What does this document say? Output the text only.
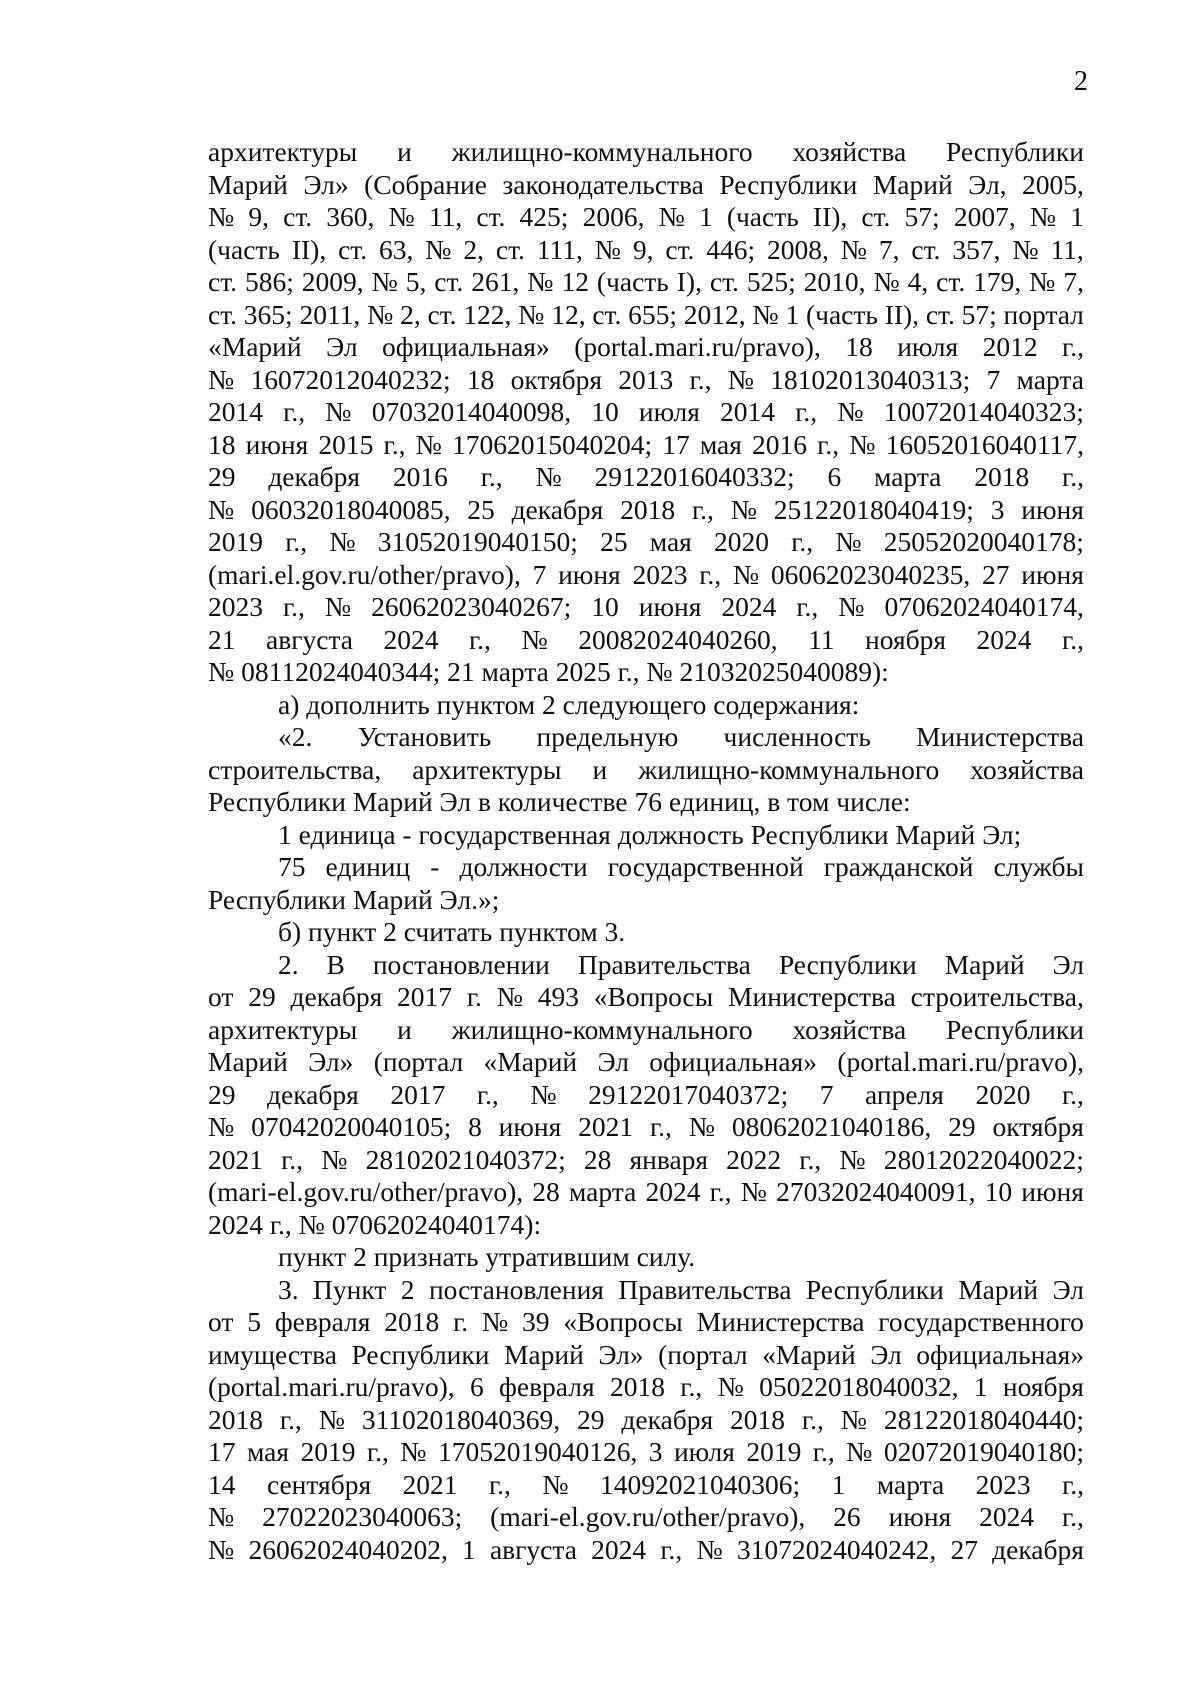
2
архитектуры и жилищно-коммунального хозяйства Республики
Марий Эл» (Собрание законодательства Республики Марий Эл, 2005,
№ 9, ст. 360, № 11, ст. 425; 2006, № 1 (часть II), ст. 57; 2007, № 1
(часть II), ст. 63, № 2, ст. 111, № 9, ст. 446; 2008, № 7, ст. 357, № 11,
ст. 586; 2009, № 5, ст. 261, № 12 (часть I), ст. 525; 2010, № 4, ст. 179, № 7,
ст. 365; 2011, № 2, ст. 122, № 12, ст. 655; 2012, № 1 (часть II), ст. 57; портал
«Марий Эл официальная» (portal.mari.ru/pravo), 18 июля 2012 г.,
№ 16072012040232; 18 октября 2013 г., № 18102013040313; 7 марта
2014 г., № 07032014040098, 10 июля 2014 г., № 10072014040323;
18 июня 2015 г., № 17062015040204; 17 мая 2016 г., № 16052016040117,
29 декабря 2016 г., № 29122016040332; 6 марта 2018 г.,
№ 06032018040085, 25 декабря 2018 г., № 25122018040419; 3 июня
2019 г., № 31052019040150; 25 мая 2020 г., № 25052020040178;
(mari.el.gov.ru/other/pravo), 7 июня 2023 г., № 06062023040235, 27 июня
2023 г., № 26062023040267; 10 июня 2024 г., № 07062024040174,
21 августа 2024 г., № 20082024040260, 11 ноября 2024 г.,
№ 08112024040344; 21 марта 2025 г., № 21032025040089):
а) дополнить пунктом 2 следующего содержания:
«2. Установить предельную численность Министерства
строительства, архитектуры и жилищно-коммунального хозяйства
Республики Марий Эл в количестве 76 единиц, в том числе:
1 единица - государственная должность Республики Марий Эл;
75 единиц - должности государственной гражданской службы
Республики Марий Эл.»;
б) пункт 2 считать пунктом 3.
2. В постановлении Правительства Республики Марий Эл
от 29 декабря 2017 г. № 493 «Вопросы Министерства строительства,
архитектуры и жилищно-коммунального хозяйства Республики
Марий Эл» (портал «Марий Эл официальная» (portal.mari.ru/pravo),
29 декабря 2017 г., № 29122017040372; 7 апреля 2020 г.,
№ 07042020040105; 8 июня 2021 г., № 08062021040186, 29 октября
2021 г., № 28102021040372; 28 января 2022 г., № 28012022040022;
(mari-el.gov.ru/other/pravo), 28 марта 2024 г., № 27032024040091, 10 июня
2024 г., № 07062024040174):
пункт 2 признать утратившим силу.
3. Пункт 2 постановления Правительства Республики Марий Эл
от 5 февраля 2018 г. № 39 «Вопросы Министерства государственного
имущества Республики Марий Эл» (портал «Марий Эл официальная»
(portal.mari.ru/pravo), 6 февраля 2018 г., № 05022018040032, 1 ноября
2018 г., № 31102018040369, 29 декабря 2018 г., № 28122018040440;
17 мая 2019 г., № 17052019040126, 3 июля 2019 г., № 02072019040180;
14 сентября 2021 г., № 14092021040306; 1 марта 2023 г.,
№ 27022023040063; (mari-el.gov.ru/other/pravo), 26 июня 2024 г.,
№ 26062024040202, 1 августа 2024 г., № 31072024040242, 27 декабря
